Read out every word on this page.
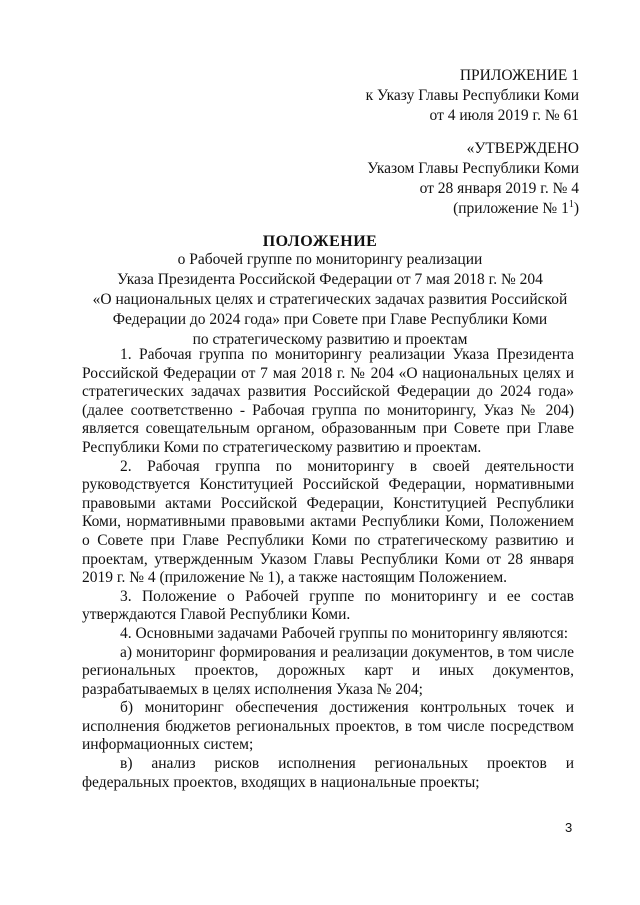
ПРИЛОЖЕНИЕ 1
к Указу Главы Республики Коми
от 4 июля 2019 г. № 61
«УТВЕРЖДЕНО
Указом Главы Республики Коми
от 28 января 2019 г. № 4
(приложение № $1^1$)
ПОЛОЖЕНИЕ
о Рабочей группе по мониторингу реализации
Указа Президента Российской Федерации от 7 мая 2018 г. № 204
«О национальных целях и стратегических задачах развития Российской
Федерации до 2024 года» при Совете при Главе Республики Коми
по стратегическому развитию и проектам

1. Рабочая группа по мониторингу реализации Указа Президента Российской Федерации от 7 мая 2018 г. № 204 «О национальных целях и стратегических задачах развития Российской Федерации до 2024 года» (далее соответственно - Рабочая группа по мониторингу, Указ № 204) является совещательным органом, образованным при Совете при Главе Республики Коми по стратегическому развитию и проектам.

2. Рабочая группа по мониторингу в своей деятельности руководствуется Конституцией Российской Федерации, нормативными правовыми актами Российской Федерации, Конституцией Республики Коми, нормативными правовыми актами Республики Коми, Положением о Совете при Главе Республики Коми по стратегическому развитию и проектам, утвержденным Указом Главы Республики Коми от 28 января 2019 г. № 4 (приложение № 1), а также настоящим Положением.

3. Положение о Рабочей группе по мониторингу и ее состав утверждаются Главой Республики Коми.

4. Основными задачами Рабочей группы по мониторингу являются:

а) мониторинг формирования и реализации документов, в том числе региональных проектов, дорожных карт и иных документов, разрабатываемых в целях исполнения Указа № 204;

б) мониторинг обеспечения достижения контрольных точек и исполнения бюджетов региональных проектов, в том числе посредством информационных систем;

в) анализ рисков исполнения региональных проектов и федеральных проектов, входящих в национальные проекты;

3
